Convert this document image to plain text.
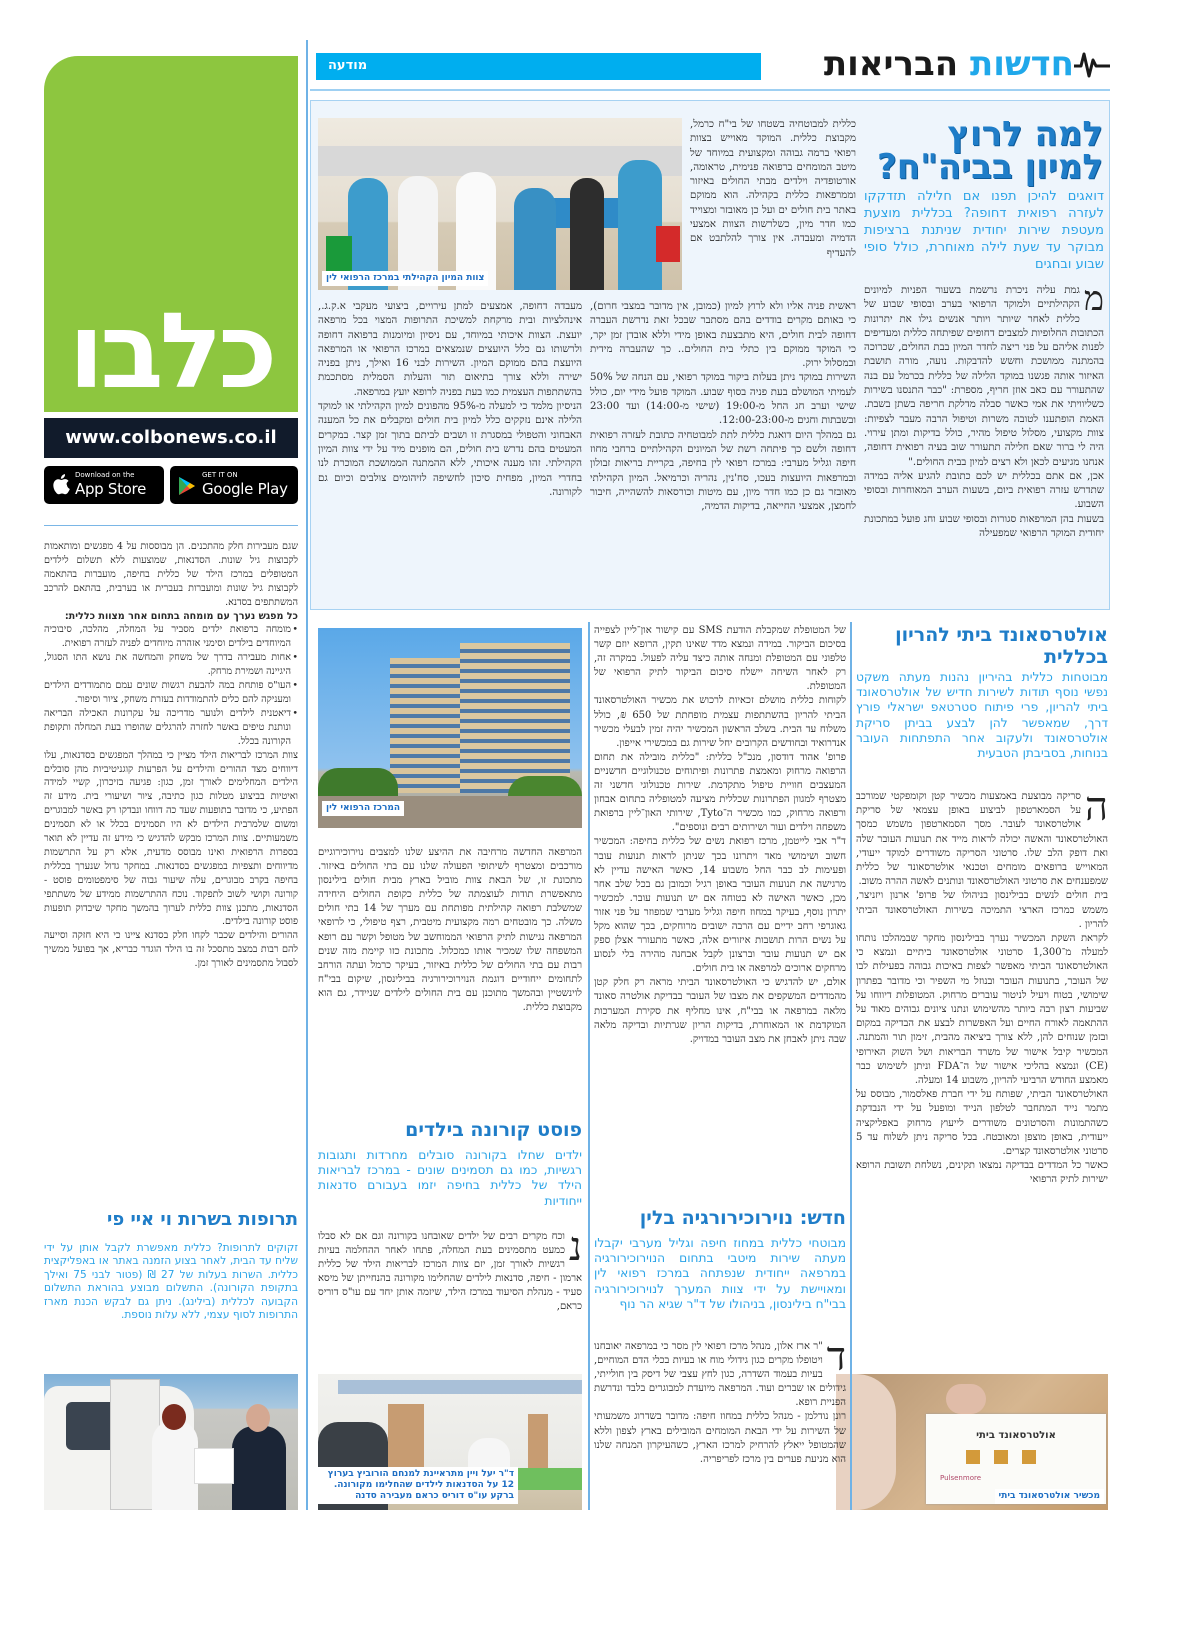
מודעה	חדשות הבריאות
כלבו
www.colbonews.co.il
Download on the
App Store
GET IT ON
Google Play

שגם מעבירות חלק מהתכנים. הן מבוססות על 4 מפגשים ומותאמות לקבוצות גיל שונות. הסדנאות, שמוצעות ללא תשלום לילדים המטופלים במרכז הילד של כללית בחיפה, מועברות בהתאמה לקבוצות גיל שונות ומועברות בעברית או בערבית, בהתאם להרכב המשתתפים בסדנא.

כל מפגש נערך עם מומחה בתחום אחר מצוות כללית:

• מומחה ברפואת ילדים מסביר על המחלה, מהלכה, סיבוכיה המיוחדים בילדים וסימני אזהרה מיוחדים לפניה לעזרה רפואית.
• אחות מעבירה בדרך של משחק והמחשה את נושא התו הסגול, היגיינה ושמירת מרחק.
• העו"ס פותחת במה להבעת רגשות שונים עמם מתמודדים הילדים ומעניקה להם כלים להתמודדות בעזרת משחק, ציור וסיפור.
• דיאטנית לילדים ולנוער מדריכה על עקרונות האכילה הבריאה ונותנת טיפים באשר לחזרה להרגלים שהופרו בעת המחלה ותקופת הקורונה בכלל.

צוות המרכז לבריאות הילד מציין כי במהלך המפגשים בסדנאות, עלו דיווחים מצד ההורים והילדים על הפרעות קוגניטיביות מהן סובלים הילדים המחלימים לאורך זמן, כגון: פגיעה בזיכרון, קשיי למידה ואיטיות בביצוע מטלות כגון כתיבה, ציור ושיעורי בית. מידע זה הפתיע, כי מדובר בתופעות שעד כה דווחו ונבדקו רק באשר למבוגרים ומשום שלמרבית הילדים לא היו תסמינים בכלל או לא תסמינים משמעותיים. צוות המרכז מבקש להדגיש כי מידע זה עדיין לא תואר בספרות הרפואית ואינו מבוסס מדעית, אלא רק על התרשמות מדיווחים ותצפיות במפגשים בסדנאות. במחקר גדול שנערך בכללית בחיפה בקרב מבוגרים, עלה שיעור גבוה של סימפטומים פוסט - קורונה וקושי לשוב לתפקוד. נוכח ההתרשמות ממידע של משתתפי הסדנאות, מתכנן צוות כללית לערוך בהמשך מחקר שיבדוק תופעות פוסט קורונה בילדים.

ההורים והילדים שכבר לקחו חלק בסדנא ציינו כי היא חזקה וסייעה להם רבות במצב מתסכל זה בו הילד הוגדר כבריא, אך בפועל ממשיך לסבול מתסמינים לאורך זמן.

תרופות בשרות וי איי פי
זקוקים לתרופות? כללית מאפשרת לקבל אותן על ידי שליח עד הבית, לאחר בצוע הזמנה באתר או באפליקצית כללית. השרות בעלות של 27 ₪ (פטור לבני 75 ואילך בתקופת הקורונה). התשלום מבוצע בהוראת התשלום הקבועה לכללית (בילינג). ניתן גם לבקש הכנת מארז התרופות לסוף עצמי, ללא עלות נוספת.
למה לרוץ
למיון בביה"ח?
דואגים להיכן תפנו אם חלילה תזדקקו לעזרה רפואית דחופה? בכללית מוצעת מעטפת שירות יחודית שניתנת ברציפות מבוקר עד שעת לילה מאוחרת, כולל סופי שבוע ובחגים
מ

גמת עליה ניכרת נרשמת בשעור הפניות למיונים הקהילתיים ולמוקד הרפואי בערב ובסופי שבוע של כללית לאחר שיותר ויותר אנשים גילו את יתרונות הכתובות החלופיות למצבים דחופים שפיתחה כללית ומעדיפים לפנות אליהם על פני ריצה לחדר המיון בבת החולים, שכרוכה בהמתנה ממושכת וחשש להדבקות. נועה, מורה תושבת האיזור אותה פגשנו במוקד הלילה של כללית בכרמל עם בנה שהתעורר עם כאב אוזן חריף, מספרת: "כבר התנסנו בשירות כשליוויתי את אמי כאשר סבלה מדלקת חריפה בשתן בשבת. האמת הופתענו לטובה משרות וטיפול הרבה מעבר לצפיות: צוות מקצועי, מסלול טיפול מהיר, כולל בדיקות ומתן עירוי. היה לי ברור שאם חלילה תתעורר שוב בעיה רפואית דחופה, אנחנו מגיעים לכאן ולא רצים למיון בבית החולים."

אכן, אם אתם בכללית יש לכם כתובת להגיע אליה במידה שתדרש עזרה רפואית ביום, בשעות הערב המאוחרות ובסופי השבוע.

בשעות בהן המרפאות סגורות ובסופי שבוע וחג פועל במתכונת יחודית המוקד הרפואי שמפעילה

כללית למבוטחיה בשטחו של בי"ח כרמל, מקבוצת כללית. המוקד מאוייש בצוות רפואי ברמה גבוהה ומקצועית במיוחד של מיטב המומחים ברפואה פנימית, טראומה, אורטופדיה וילדים מבתי החולים באיזור וממרפאות כללית בקהילה. הוא ממוקם באתר בית חולים ים ועל כן מאובזר ומצוייד כמו חדר מיון, כשלרשות הצוות אמצעי הדמיה ומעבדה. אין צורך להלתבט אם להעדיף

צוות המיון הקהילתי במרכז הרפואי לין

ראשית פניה אליו ולא לרוץ למיון (כמובן, אין מדובר במצבי חרום), כי באותם מקרים בודדים בהם מסתבר שבכל זאת נדרשת העברה דחופה לבית חולים, היא מתבצעת באופן מידי וללא אובדן זמן יקר, כי המוקד ממוקם בין כתלי בית החולים.. כך שהעברה מידית ובמסלול ירוק.

השירות במוקד ניתן בעלות ביקור במוקד רפואי, עם הנחה של 50% לעמיתי המושלם בעת פניה בסוף שבוע. המוקד פועל מידי יום, כולל שישי וערב חג החל מ-19:00 (שישי מ-14:00) ועד 23:00 ובשבתות וחגים מ-12:00-23:00.

גם במהלך היום דואגת כללית לתת למבוטחיה כתובת לעזרה רפואית דחופה ולשם כך פיתחה רשת של המיונים הקהילתיים ברחבי מחוז חיפה וגליל מערבי: במרכז רפואי לין בחיפה, בקריית בריאות זבולון ובמרפאות היועצות בעכו, סח'נין, נהריה וכרמיאל. המיון הקהילתי מאובזר גם כן כמו חדר מיון, עם מיטות וכורסאות להשהייה, חיבור לחמצן, אמצעי החייאה, בדיקות הדמיה,

מעבדה דחופה, אמצעים למתן עירויים, ביצועי מעקבי א.ק.ג., אינהלציות ובית מרקחת למשיכת התרופות המצוי בכל מרפאה יועצת. הצוות איכותי במיוחד, עם ניסיון ומיומנות ברפואה דחופה ולרשותו גם כלל היועצים שנמצאים במרכז הרפואי או המרפאה היועצת בהם ממוקם המיון. השירות לבני 16 ואילך, ניתן בפניה ישירה וללא צורך בתיאום תור והעלות הסמלית מסתכמת בהשתתפות העצמית כמו בעת בפניה לרופא יועץ במרפאה.

הניסיון מלמד כי למעלה מ-95% מהפונים למיון הקהילתי או למוקד הלילה אינם נזקקים כלל למיון בית חולים ומקבלים את כל המענה האבחוני והטפולי במסגרת זו ושבים לביתם בתוך זמן קצר. במקרים המעטים בהם נדרש בית חולים, הם מופנים מיד על ידי צוות המיון הקהילתי. זהו מענה איכותי, ללא ההמתנה הממושכת המוכרת לנו בחדרי המיון, מפחית סיכון לחשיפה לזיהומים צולבים וכיום גם לקורונה.

אולטרסאונד ביתי להריון בכללית
מבוטחות כללית בהיריון נהנות מעתה משקט נפשי נוסף תודות לשירות חדיש של אולטרסאונד ביתי להריון, פרי פיתוח סטרטאפ ישראלי פורץ דרך, שמאפשר להן לבצע בביתן סריקת אולטרסאונד ולעקוב אחר התפתחות העובר בנוחות, בסביבתן הטבעית
ה

סריקה מבוצעת באמצעות מכשיר קטן וקומפקטי שמורכב על הסמארטפון לביצוע באופן עצמאי של סריקת אולטרסאונד לעובר. מסך הסמארטפון משמש כמסך האולטרסאונד והאשה יכולה לראות מייד את תנועות העובר שלה ואת דופק הלב שלו. סרטוני הסריקה משודרים למוקד ייעודי, המאוייש ברופאים מומחים וטכנאי אולטרסאונד של כללית שמפענחים את סרטוני האולטרסאונד ונותנים לאשה ההרה משוב.

בית חולים לנשים בבילינסון בניהולו של פרופ' ארנון ויזניצר, משמש כמרכז הארצי התמיכה בשירות האולטרסאונד הביתי להריון .

לקראת השקת המכשיר נערך בבילינסון מחקר שבמהלכו נותחו למעלה מ־1,300 סרטוני אולטרסאונד ביתיים ונמצא כי האולטרסאונד הביתי מאפשר לצפות באיכות גבוהה בפעילות לבו של העובר, בתנועות העובר ובנוזל מי השפיר וכי מדובר בפתרון שימושי, בטוח ויעיל לניטור עוברים מרחוק. המטופלות דיווחו על שביעות רצון רבה ביותר מהשימוש ונתנו ציונים גבוהים מאוד על ההתאמה לאורח החיים ועל האפשרות לבצע את הבדיקה במקום ובזמן שנוחים להן, ללא צורך ביציאה מהבית, זימון תור והמתנה. המכשיר קיבל אישור של משרד הבריאות ושל השוק האירופי (CE) ונמצא בהליכי אישור של ה־FDA וניתן לשימוש כבר מאמצע החודש הרביעי להריון, משבוע 14 ומעלה.

האולטרסאונד הביתי, שפותח על ידי חברת פאלסמור, מבוסס על מתמר נייד המתחבר לטלפון הנייד ומופעל על ידי הנבדקת כשהתמונות והסרטונים משודרים לייעוץ מרחוק באפליקציה ייעודית, באופן מוצפן ומאובטח. בכל סריקה ניתן לשלוח עד 5 סרטוני אולטרסאונד קצרים.

כאשר כל המדדים בבדיקה נמצאו תקינים, נשלחת תשובת הרופא ישירות לתיק הרפואי

אולטרסאונד ביתי
Pulsenmore
מכשיר אולטרסאונד ביתי

של המטופלת שמקבלת הודעת SMS עם קישור און־ליין לצפייה בסיכום הביקור. במידה ונמצא מדד שאינו תקין, הרופא יוזם קשר טלפוני עם המטופלת ומנחה אותה כיצד עליה לפעול. במקרה זה, רק לאחר השיחה יישלח סיכום הביקור לתיק הרפואי של המטופלת.

לקוחות כללית מושלם זכאיות לרכוש את מכשיר האולטרסאונד הביתי להריון בהשתתפות עצמית מופחתת של 650 ₪, כולל משלוח עד הבית. בשלב הראשון המכשיר יהיה זמין לבעלי מכשיר אנדרואיד ובחודשים הקרובים יחל שירות גם במכשירי אייפון.

פרופ' אהוד דודסון, מנכ"ל כללית: "כללית מובילה את תחום הרפואה מרחוק ומאמצת פתרונות ופיתוחים טכנולוגיים חדשניים המעצבים חוויית טיפול מתקדמת. שירות טכנולוגי חדשני זה מצטרף למגוון הפתרונות שכללית מציעה למטופליה בתחום אבחון ורפואה מרחוק, כמו מכשיר ה־Tyto, שירותי האון־ליין ברפואת משפחה וילדים ועור ושירותים רבים ונוספים".

ד"ר אבי לייטמן, מרכז רפואת נשים של כללית בחיפה: המכשיר חשוב ושימושי מאד ויתרונו בכך שניתן לראות תנועות עובר ופעימות לב כבר החל משבוע 14, כאשר האישה עדיין לא מרגישה את תנועות העובר באופן רגיל וכמובן גם בכל שלב אחר מכן, כאשר האישה לא בטוחה אם יש תנועות עובר. למכשיר יתרון נוסף, בעיקר במחוז חיפה וגליל מערבי שמפוזר על פני אזור גאוגרפי רחב ידיים עם הרבה ישובים מרוחקים, בכך שהוא מקל על נשים הרות תושבות איזורים אלה, כאשר מתעורר אצלן ספק אם יש תנועות עובר וברצונן לקבל אבחנה מהירה בלי לנסוע מרחקים ארוכים למרפאה או בית חולים.

אולם, יש להדגיש כי האולטרסאונד הביתי מראה רק חלק קטן מהמדדים המשקפים את מצבו של העובר בבדיקת אולטרה סאונד מלאה במרפאה או בבי"ח, אינו מחליף את סקירת המערכות המוקדמת או המאוחרת, בדיקות הריון שגרתיות ובדיקה מלאה שבה ניתן לאבחן את מצב העובר במדויק.

חדש: נוירוכירורגיה בלין
מבוטחי כללית במחוז חיפה וגליל מערבי יקבלו מעתה שירות מיטבי בתחום הנוירוכירורגיה במרפאה ייחודית שנפתחה במרכז רפואי לין ומאויישת על ידי צוות המערך לנוירוכירורגיה בבי"ח בילינסון, בניהולו של ד"ר שגיא הר נוף
ד

"ר ארז אלון, מנהל מרכז רפואי לין מסר כי במרפאה יאובחנו ויטופלו מקרים כגון גידולי מוח או בעיות בכלי הדם המוחיים, בעיות בעמוד השדרה, כגון לחץ עצבי של דיסק בין חולייתי, גידולים או שברים ועוד. המרפאה מיועדת למבוגרים בלבד ונדרשת הפניית רופא.

רונן נודלמן - מנהל כללית במחוז חיפה: מדובר בשדרוג משמעותי של השירות על ידי הבאת המומחים המובילים בארץ לצפון וללא שהמטופל ייאלץ להרחיק למרכז הארץ, כשהעיקרון המנחה שלנו הוא מניעת פערים בין מרכז לפריפריה.

המרכז הרפואי לין

המרפאה החדשה מרחיבה את ההיצע שלנו למצבים נוירוכירוגיים מורכבים ומצטרף לשיתופי הפעולה שלנו עם בתי החולים באיזור. מתכונת זו, של הבאת צוות מוביל בארץ מבית חולים בילינסון מתאפשרת תודות לעוצמתה של כללית כקופת החולים היחידה שמשלבת רפואה קהילתית מפותחת עם מערך של 14 בתי חולים משלה. כך מובטחים רמה מקצועית מיטבית, רצף טיפולי, כי לרופאי המרפאה נגישות לתיק הרפואי הממוחשב של מטופל וקשר עם רופא המשפחה שלו שמכיר אותו כמכלול. מתכונת כזו קיימת מזה שנים רבות עם בתי החולים של כללית באיזור, בעיקר כרמל ועתה הורחב לתחומים ייחודיים דוגמת הנוירוכירורגיה בבילינסון, שיקום בבי"ח לוינשטיין ובהמשך מתוכנן עם בית החולים לילדים שניידר, גם הוא מקבוצת כללית.

פוסט קורונה בילדים
ילדים שחלו בקורונה סובלים מחרדות ותגובות רגשיות, כמו גם תסמינים שונים - במרכז לבריאות הילד של כללית בחיפה יזמו בעבורם סדנאות ייחודיות
נ

וכח מקרים רבים של ילדים שאובחנו בקורונה וגם אם לא סבלו כמעט מתסמינים בעת המחלה, פתחו לאחר ההחלמה בעיות רגשיות לאורך זמן, יזם צוות המרכז לבריאות הילד של כללית ארמון - חיפה, סדנאות לילדים שהחלימו מקורונה בהנחייתן של מיסא סעיד - מנהלת הסיעוד במרכז הילד, שיזמה אותן יחד עם עו"ס דוריס כראם,

ד"ר יעל ויין מתראיינת למנחם הורוביץ בערוץ 12 על הסדנאות לילדים שהחלימו מקורונה. ברקע עו"ס דוריס כראם מעבירה סדנה
